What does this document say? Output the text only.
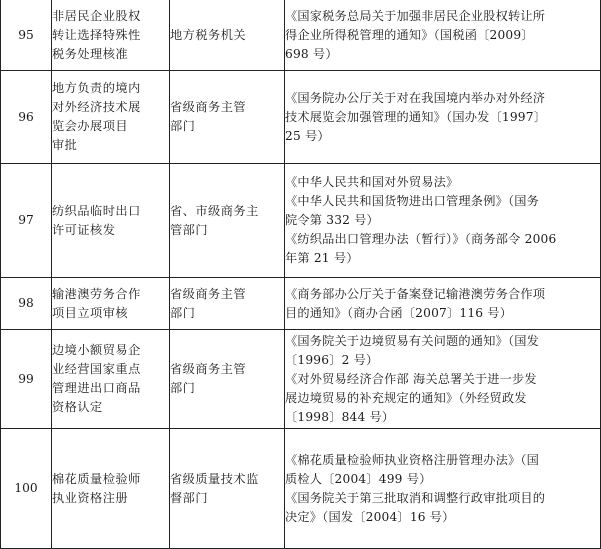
95	非居民企业股权
转让选择特殊性
税务处理核准	地方税务机关	《国家税务总局关于加强非居民企业股权转让所
得企业所得税管理的通知》（国税函〔2009〕
698 号）

96	地方负责的境内
对外经济技术展
览会办展项目
审批	省级商务主管
部门	《国务院办公厅关于对在我国境内举办对外经济
技术展览会加强管理的通知》（国办发〔1997〕
25 号）

97	纺织品临时出口
许可证核发	省、市级商务主
管部门	《中华人民共和国对外贸易法》
《中华人民共和国货物进出口管理条例》（国务
院令第 332 号）
《纺织品出口管理办法（暂行）》（商务部令 2006
年第 21 号）

98	输港澳劳务合作
项目立项审核	省级商务主管
部门	《商务部办公厅关于备案登记输港澳劳务合作项
目的通知》（商办合函〔2007〕116 号）

99	边境小额贸易企
业经营国家重点
管理进出口商品
资格认定	省级商务主管
部门	《国务院关于边境贸易有关问题的通知》（国发
〔1996〕2 号）
《对外贸易经济合作部 海关总署关于进一步发
展边境贸易的补充规定的通知》（外经贸政发
〔1998〕844 号）

100	棉花质量检验师
执业资格注册	省级质量技术监
督部门	《棉花质量检验师执业资格注册管理办法》（国
质检人〔2004〕499 号）
《国务院关于第三批取消和调整行政审批项目的
决定》（国发〔2004〕16 号）
